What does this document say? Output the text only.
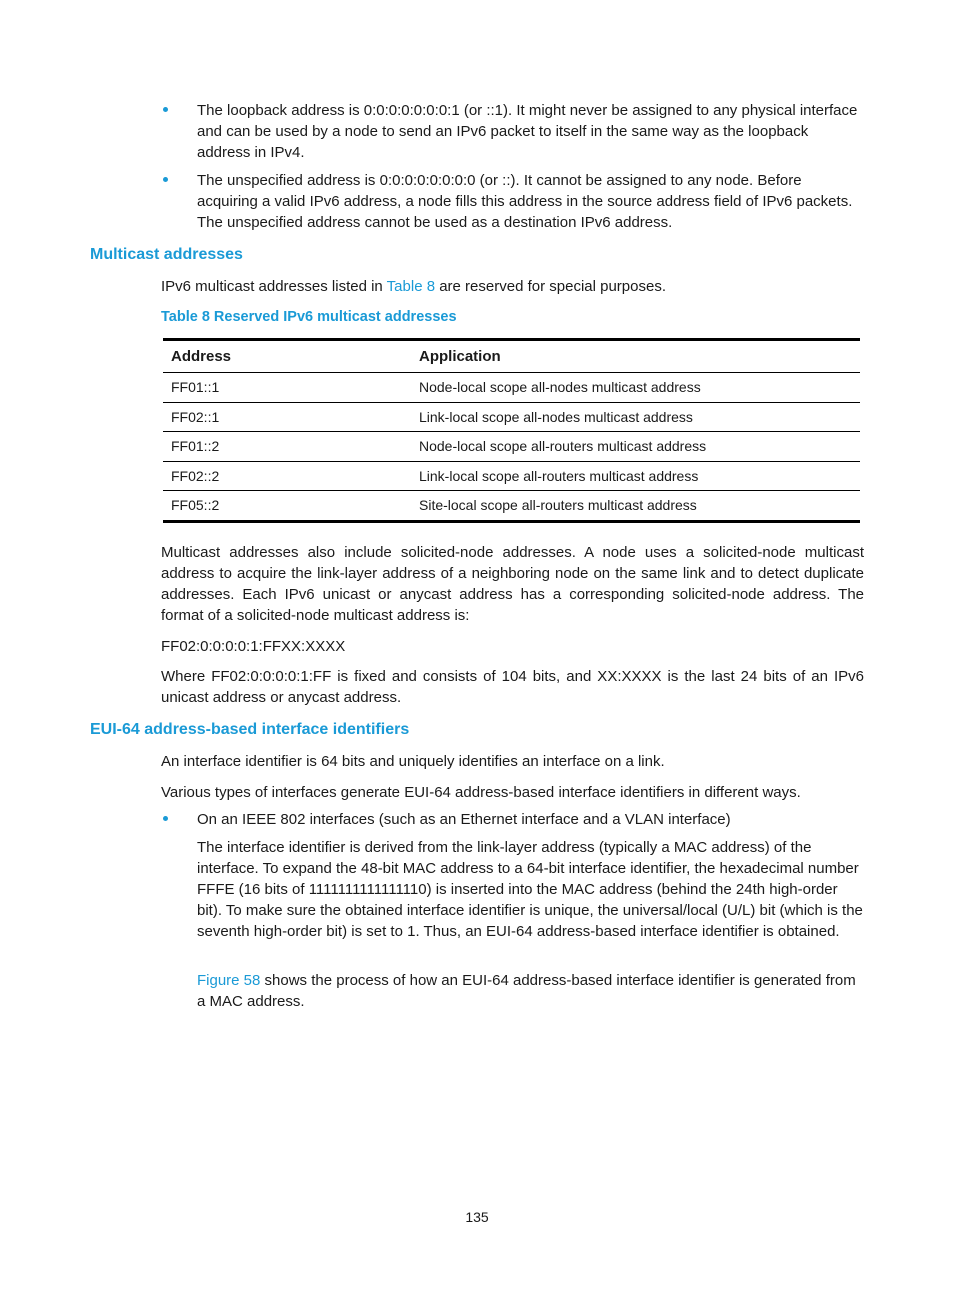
The loopback address is 0:0:0:0:0:0:0:1 (or ::1). It might never be assigned to any physical interface and can be used by a node to send an IPv6 packet to itself in the same way as the loopback address in IPv4.

The unspecified address is 0:0:0:0:0:0:0:0 (or ::). It cannot be assigned to any node. Before acquiring a valid IPv6 address, a node fills this address in the source address field of IPv6 packets. The unspecified address cannot be used as a destination IPv6 address.

Multicast addresses

IPv6 multicast addresses listed in Table 8 are reserved for special purposes.

Table 8 Reserved IPv6 multicast addresses

Address	Application
FF01::1	Node-local scope all-nodes multicast address
FF02::1	Link-local scope all-nodes multicast address
FF01::2	Node-local scope all-routers multicast address
FF02::2	Link-local scope all-routers multicast address
FF05::2	Site-local scope all-routers multicast address

Multicast addresses also include solicited-node addresses. A node uses a solicited-node multicast address to acquire the link-layer address of a neighboring node on the same link and to detect duplicate addresses. Each IPv6 unicast or anycast address has a corresponding solicited-node address. The format of a solicited-node multicast address is:

FF02:0:0:0:0:1:FFXX:XXXX

Where FF02:0:0:0:0:1:FF is fixed and consists of 104 bits, and XX:XXXX is the last 24 bits of an IPv6 unicast address or anycast address.

EUI-64 address-based interface identifiers

An interface identifier is 64 bits and uniquely identifies an interface on a link.

Various types of interfaces generate EUI-64 address-based interface identifiers in different ways.

On an IEEE 802 interfaces (such as an Ethernet interface and a VLAN interface)

The interface identifier is derived from the link-layer address (typically a MAC address) of the interface. To expand the 48-bit MAC address to a 64-bit interface identifier, the hexadecimal number FFFE (16 bits of 1111111111111110) is inserted into the MAC address (behind the 24th high-order bit). To make sure the obtained interface identifier is unique, the universal/local (U/L) bit (which is the seventh high-order bit) is set to 1. Thus, an EUI-64 address-based interface identifier is obtained.

Figure 58 shows the process of how an EUI-64 address-based interface identifier is generated from a MAC address.

135
